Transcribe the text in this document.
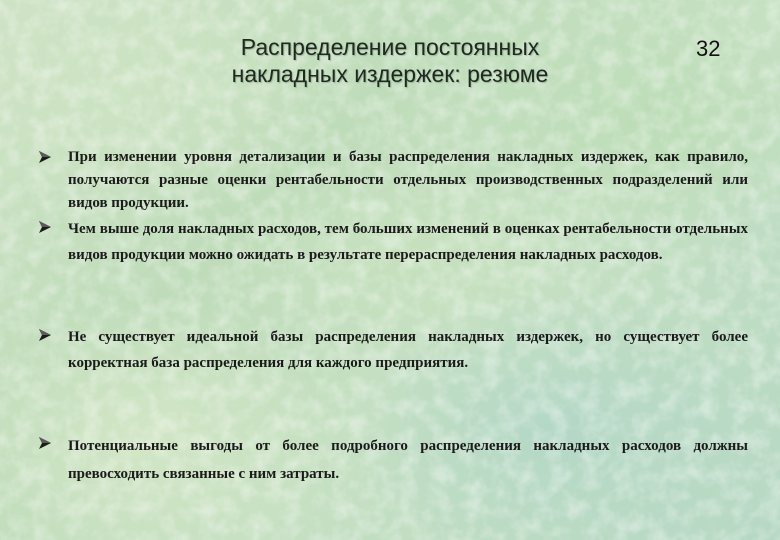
Распределение постоянных
накладных издержек: резюме
32
При изменении уровня детализации и базы распределения накладных издержек, как правило, получаются разные оценки рентабельности отдельных производственных подразделений или видов продукции.
Чем выше доля накладных расходов, тем больших изменений в оценках рентабельности отдельных видов продукции можно ожидать в результате перераспределения накладных расходов.
Не существует идеальной базы распределения накладных издержек, но существует более корректная база распределения для каждого предприятия.
Потенциальные выгоды от более подробного распределения накладных расходов должны превосходить связанные с ним затраты.
